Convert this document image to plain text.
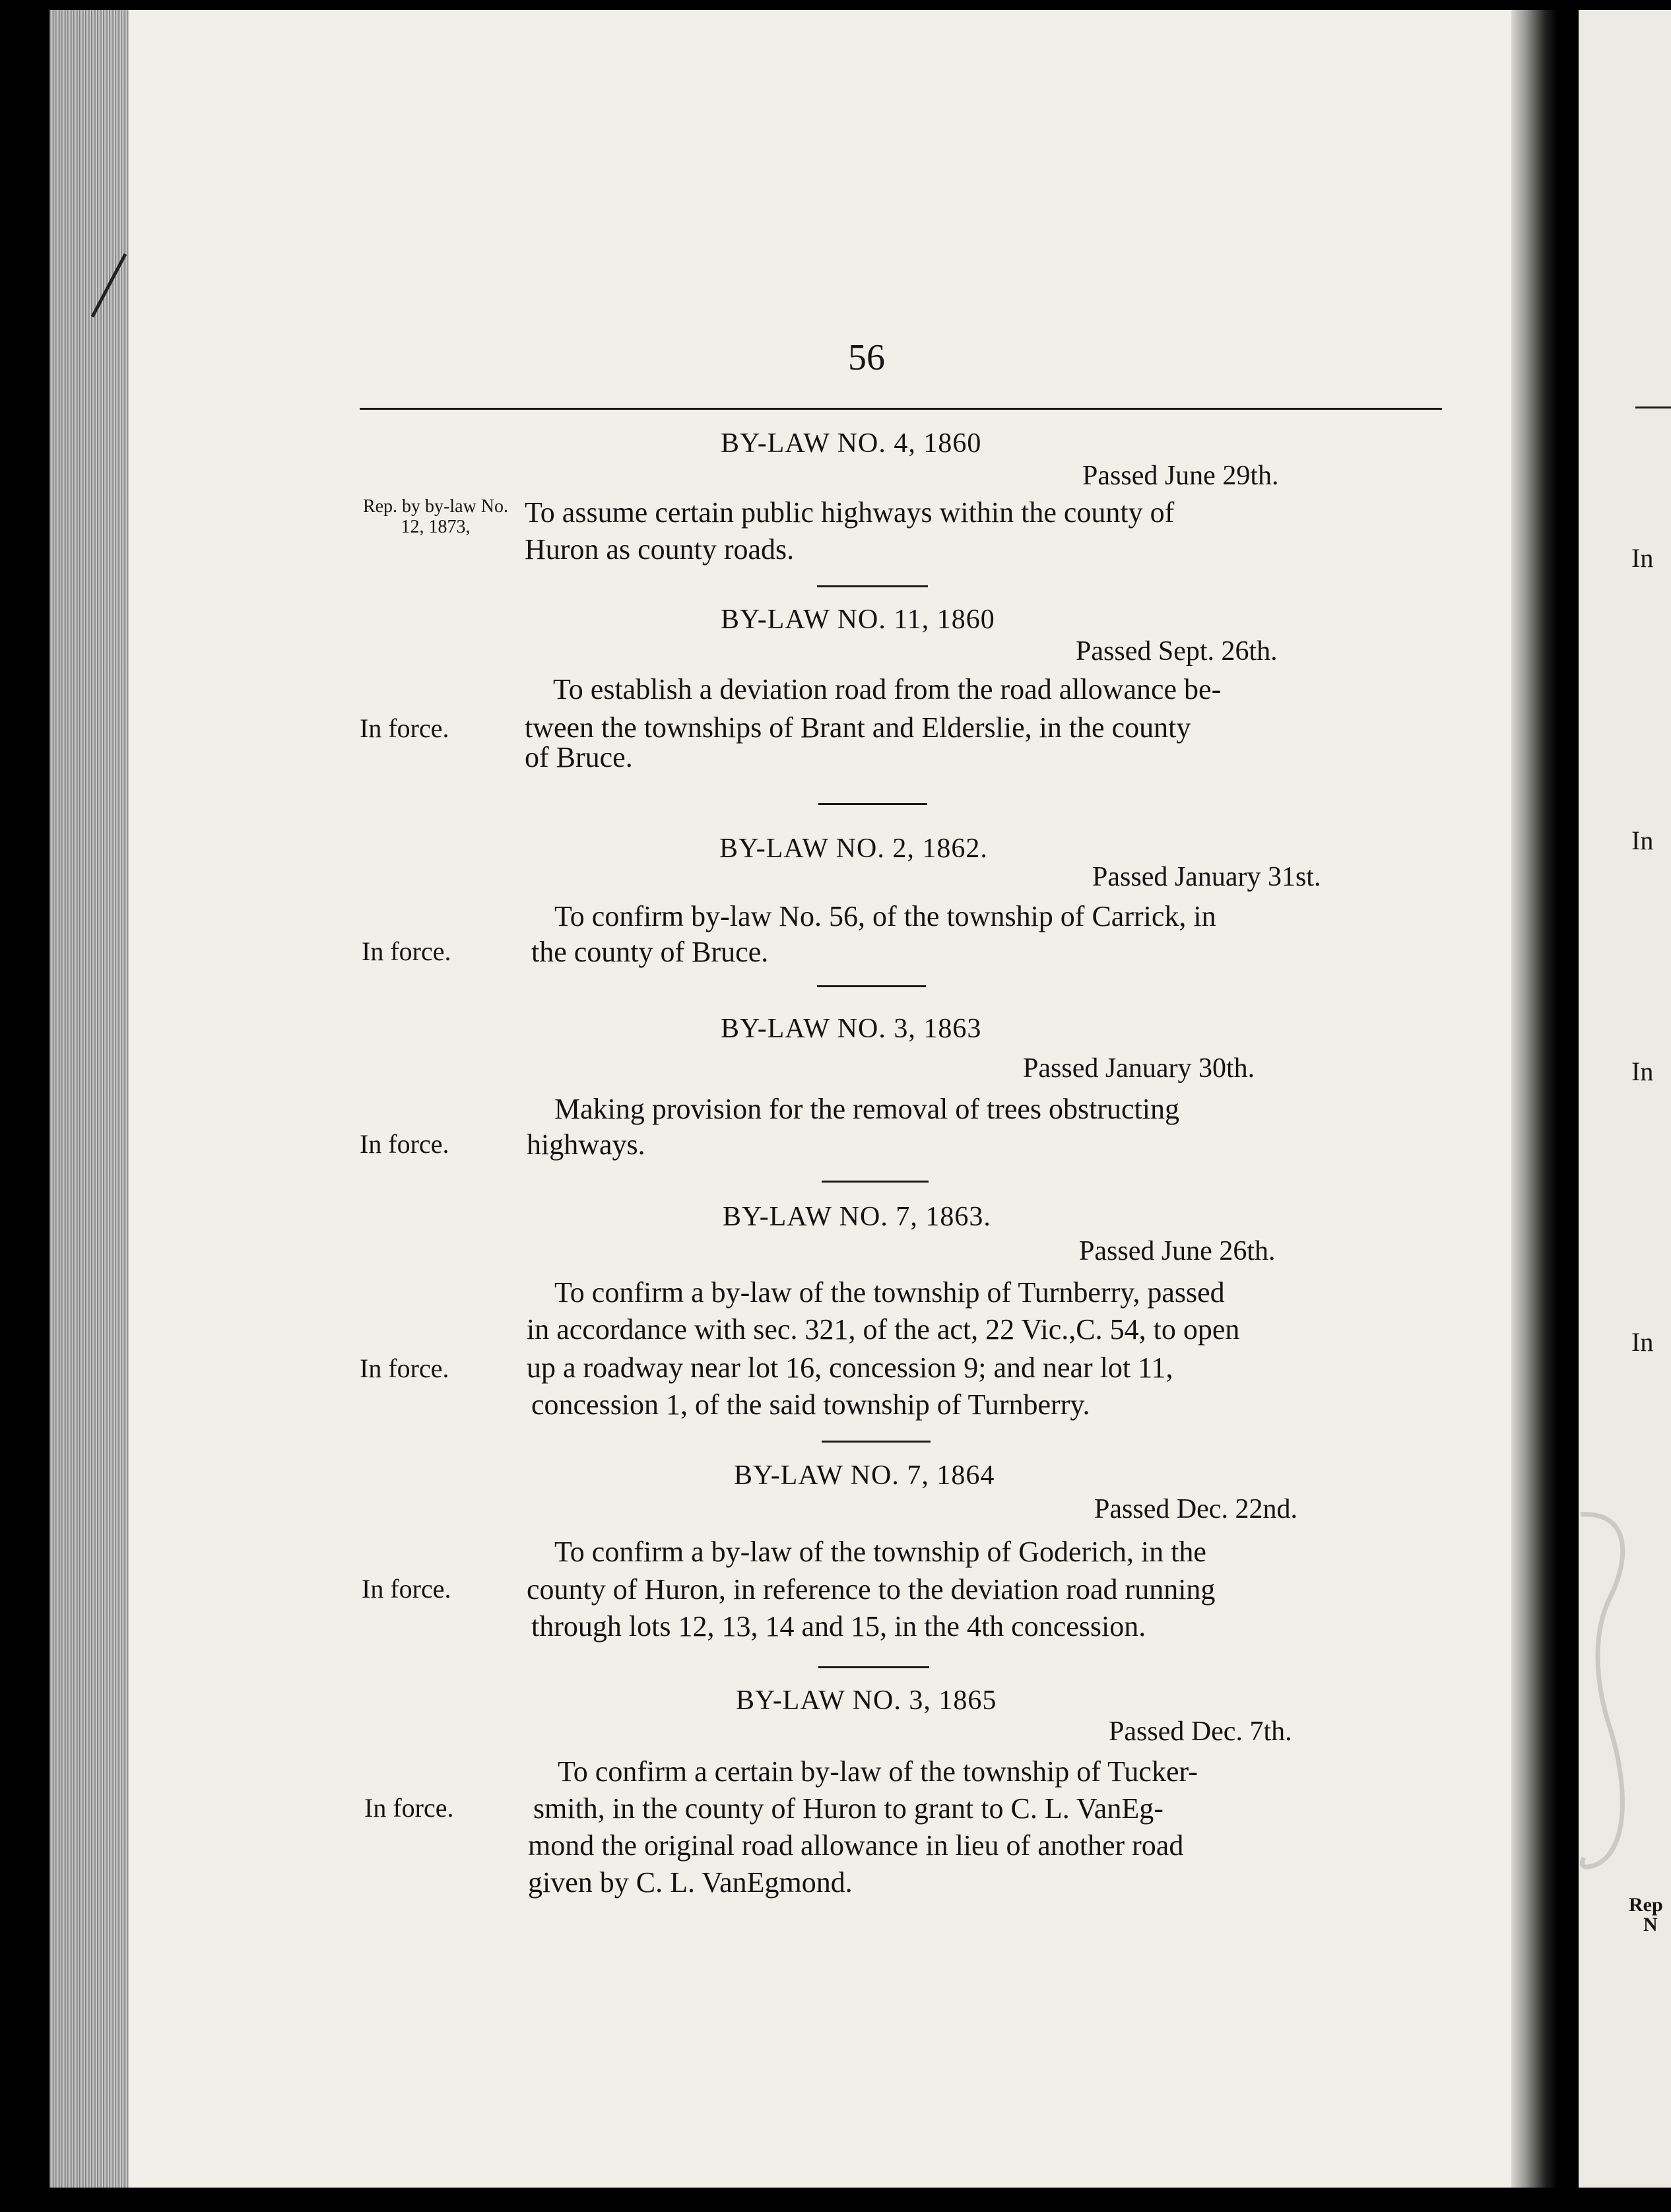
56
BY-LAW NO. 4, 1860
Passed June 29th.
Rep. by by-law No. 12, 1873,	To assume certain public highways within the county of
Huron as county roads.
BY-LAW NO. 11, 1860
Passed Sept. 26th.
To establish a deviation road from the road allowance be-
In force.	tween the townships of Brant and Elderslie, in the county
of Bruce.
BY-LAW NO. 2, 1862.
Passed January 31st.
To confirm by-law No. 56, of the township of Carrick, in
In force.	the county of Bruce.
BY-LAW NO. 3, 1863
Passed January 30th.
Making provision for the removal of trees obstructing
In force.	highways.
BY-LAW NO. 7, 1863.
Passed June 26th.
To confirm a by-law of the township of Turnberry, passed
in accordance with sec. 321, of the act, 22 Vic.,C. 54, to open
In force.	up a roadway near lot 16, concession 9; and near lot 11,
concession 1, of the said township of Turnberry.
BY-LAW NO. 7, 1864
Passed Dec. 22nd.
To confirm a by-law of the township of Goderich, in the
In force.	county of Huron, in reference to the deviation road running
through lots 12, 13, 14 and 15, in the 4th concession.
BY-LAW NO. 3, 1865
Passed Dec. 7th.
To confirm a certain by-law of the township of Tucker-
In force.	smith, in the county of Huron to grant to C. L. VanEg-
mond the original road allowance in lieu of another road
given by C. L. VanEgmond.
In
In
In
In
Rep
N
